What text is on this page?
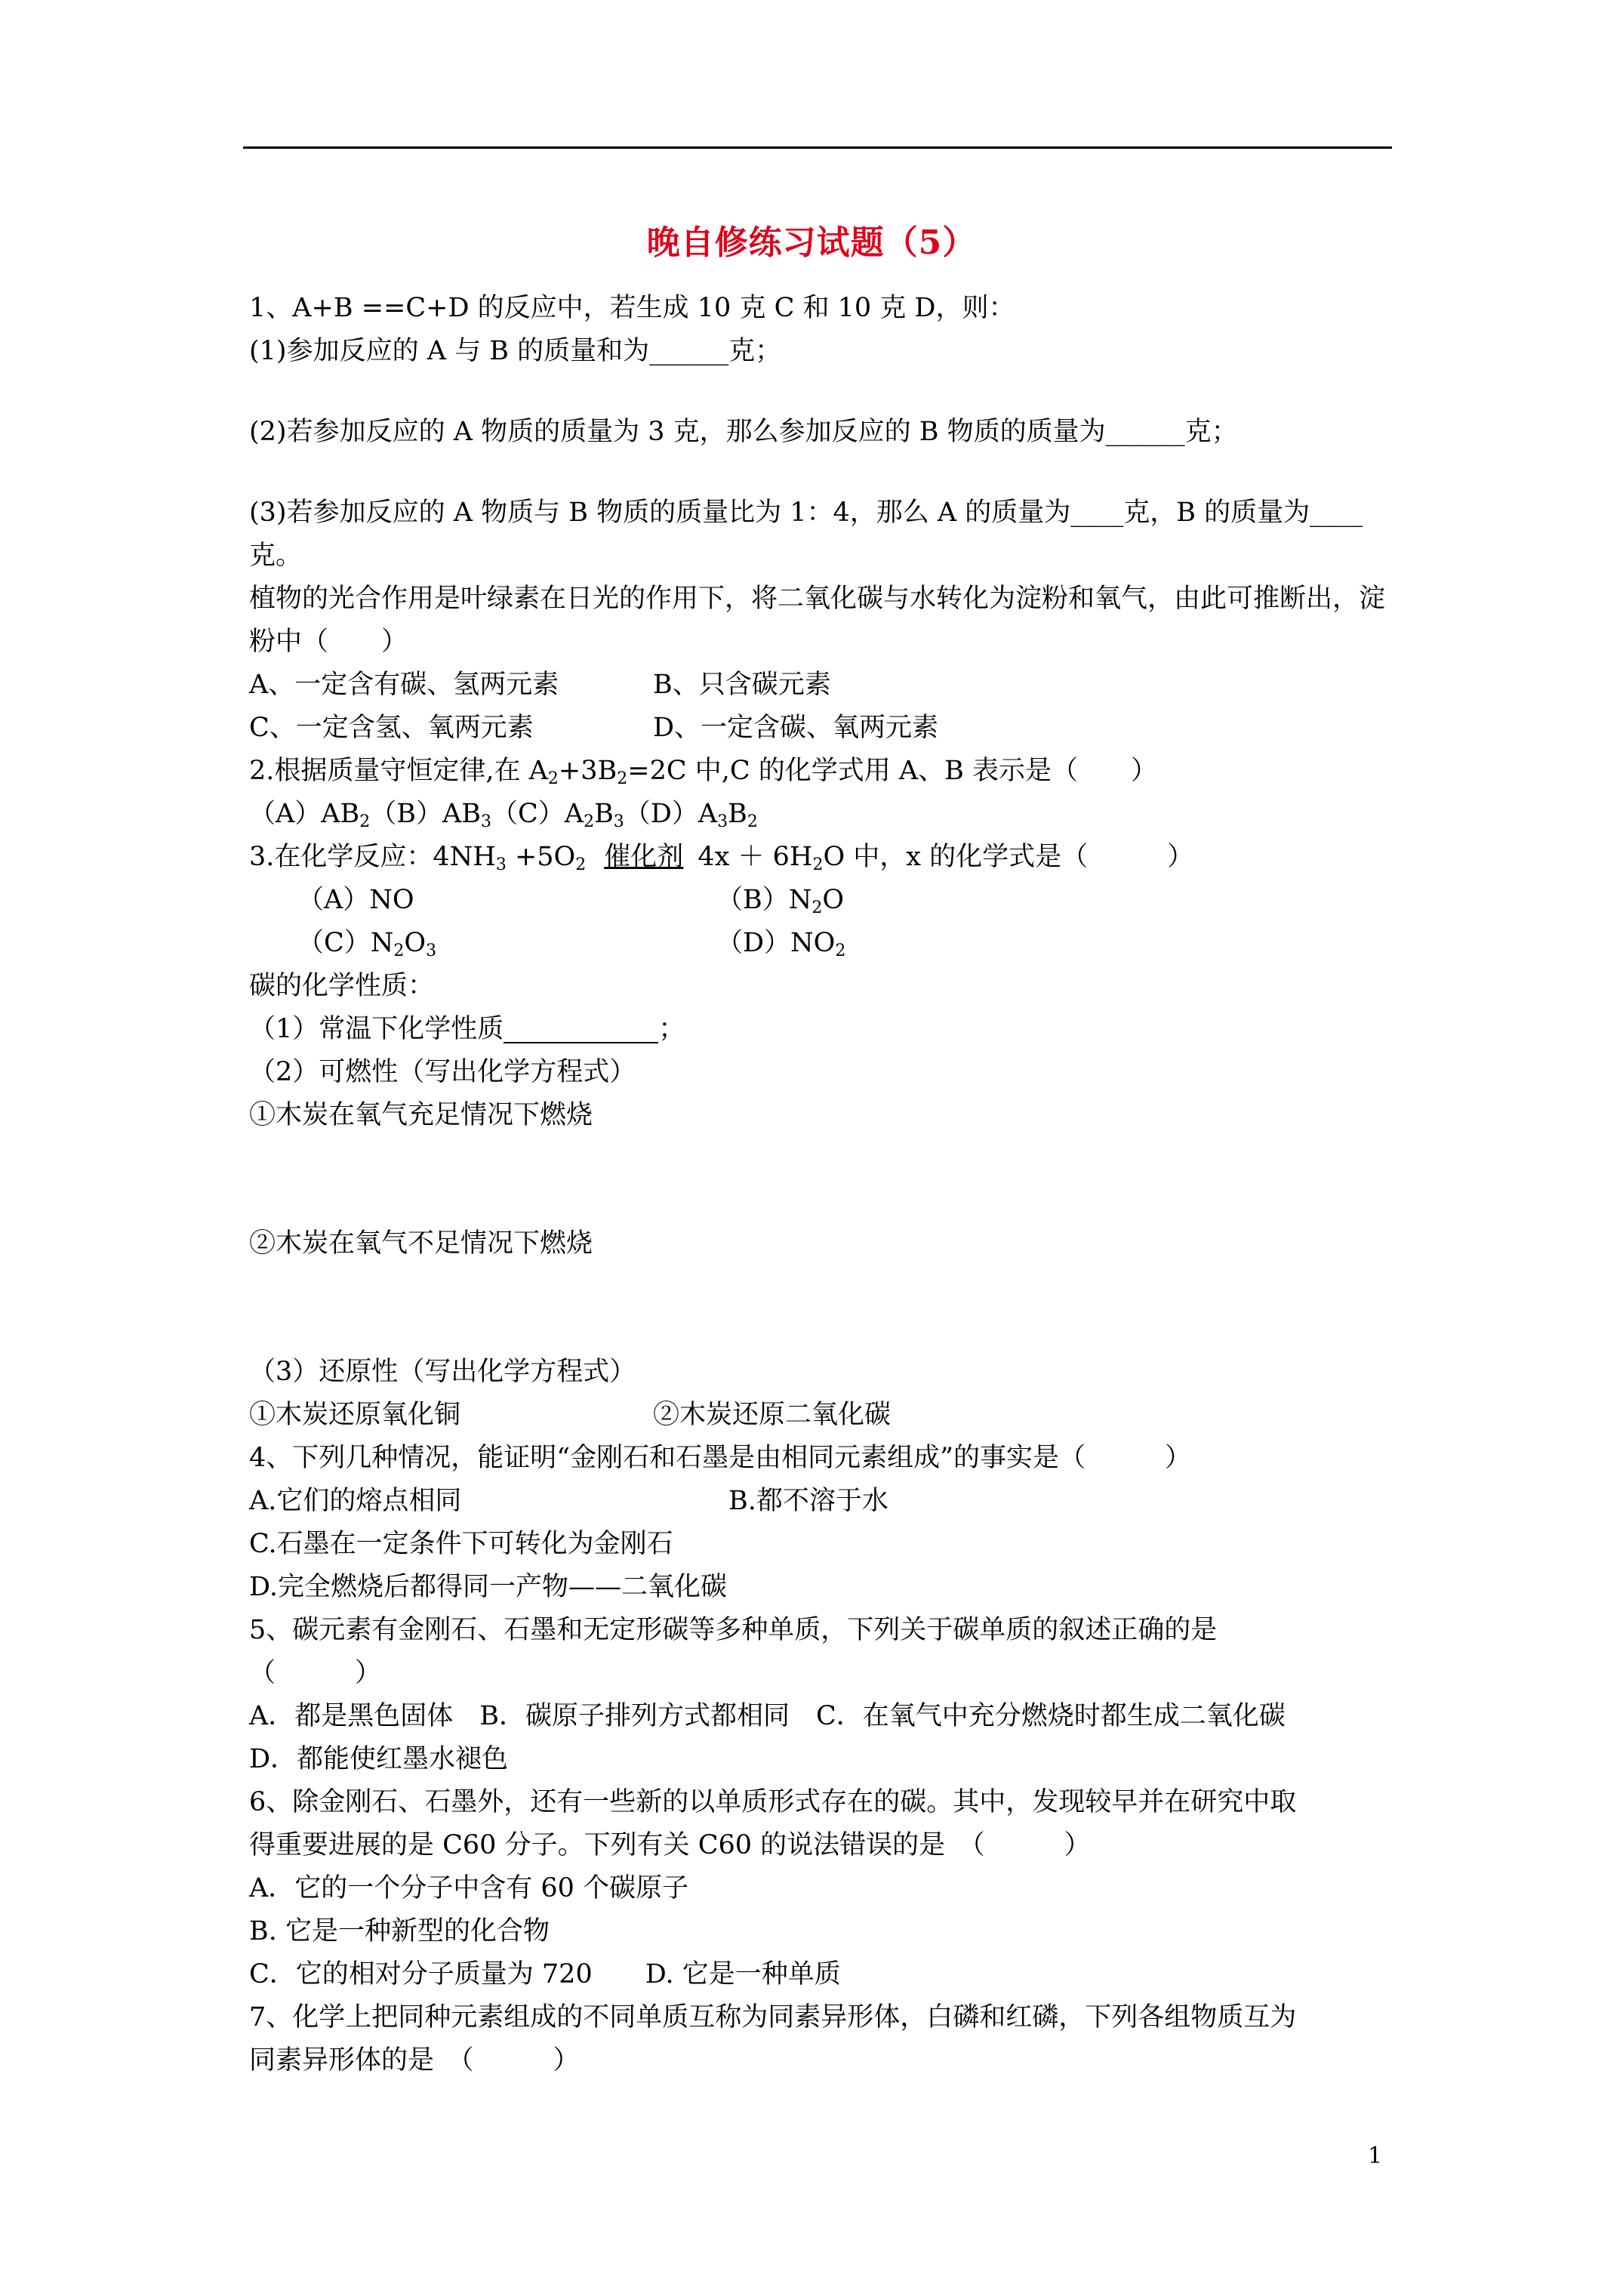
晚自修练习试题（5）
1、A+B ==C+D 的反应中，若生成 10 克 C 和 10 克 D，则：
(1)参加反应的 A 与 B 的质量和为______克；
(2)若参加反应的 A 物质的质量为 3 克，那么参加反应的 B 物质的质量为______克；
(3)若参加反应的 A 物质与 B 物质的质量比为 1：4，那么 A 的质量为____克，B 的质量为____
克。
植物的光合作用是叶绿素在日光的作用下，将二氧化碳与水转化为淀粉和氧气，由此可推断出，淀粉中（　　）
A、一定含有碳、氢两元素	B、只含碳元素
C、一定含氢、氧两元素	D、一定含碳、氧两元素
2.根据质量守恒定律,在 $A_2+3B_2=2C$ 中,C 的化学式用 A、B 表示是（　　）
$(A)AB_2(B)AB_3(C)A_2B_3(D)A_3B_2$
3.在化学反应：$4NH_3 +5O_2$ 催化剂 $4x + 6H_2O$ 中，x 的化学式是（　　　）
（A）NO	$(B)N_2O$
$(C)N_2O_3$	$(D)NO_2$
碳的化学性质：
（1）常温下化学性质	；
（2）可燃性（写出化学方程式）
①木炭在氧气充足情况下燃烧
②木炭在氧气不足情况下燃烧
（3）还原性（写出化学方程式）
①木炭还原氧化铜	②木炭还原二氧化碳
4、下列几种情况，能证明“金刚石和石墨是由相同元素组成”的事实是（　　　）
A.它们的熔点相同	B.都不溶于水
C.石墨在一定条件下可转化为金刚石
D.完全燃烧后都得同一产物——二氧化碳
5、碳元素有金刚石、石墨和无定形碳等多种单质，下列关于碳单质的叙述正确的是
（　　　）
A．都是黑色固体　B．碳原子排列方式都相同　C．在氧气中充分燃烧时都生成二氧化碳
D．都能使红墨水褪色
6、除金刚石、石墨外，还有一些新的以单质形式存在的碳。其中，发现较早并在研究中取
得重要进展的是 C60 分子。下列有关 C60 的说法错误的是　（　　　）
A．它的一个分子中含有 60 个碳原子
B. 它是一种新型的化合物
C．它的相对分子质量为 720　　D. 它是一种单质
7、化学上把同种元素组成的不同单质互称为同素异形体，白磷和红磷，下列各组物质互为
同素异形体的是　（　　　）
1
